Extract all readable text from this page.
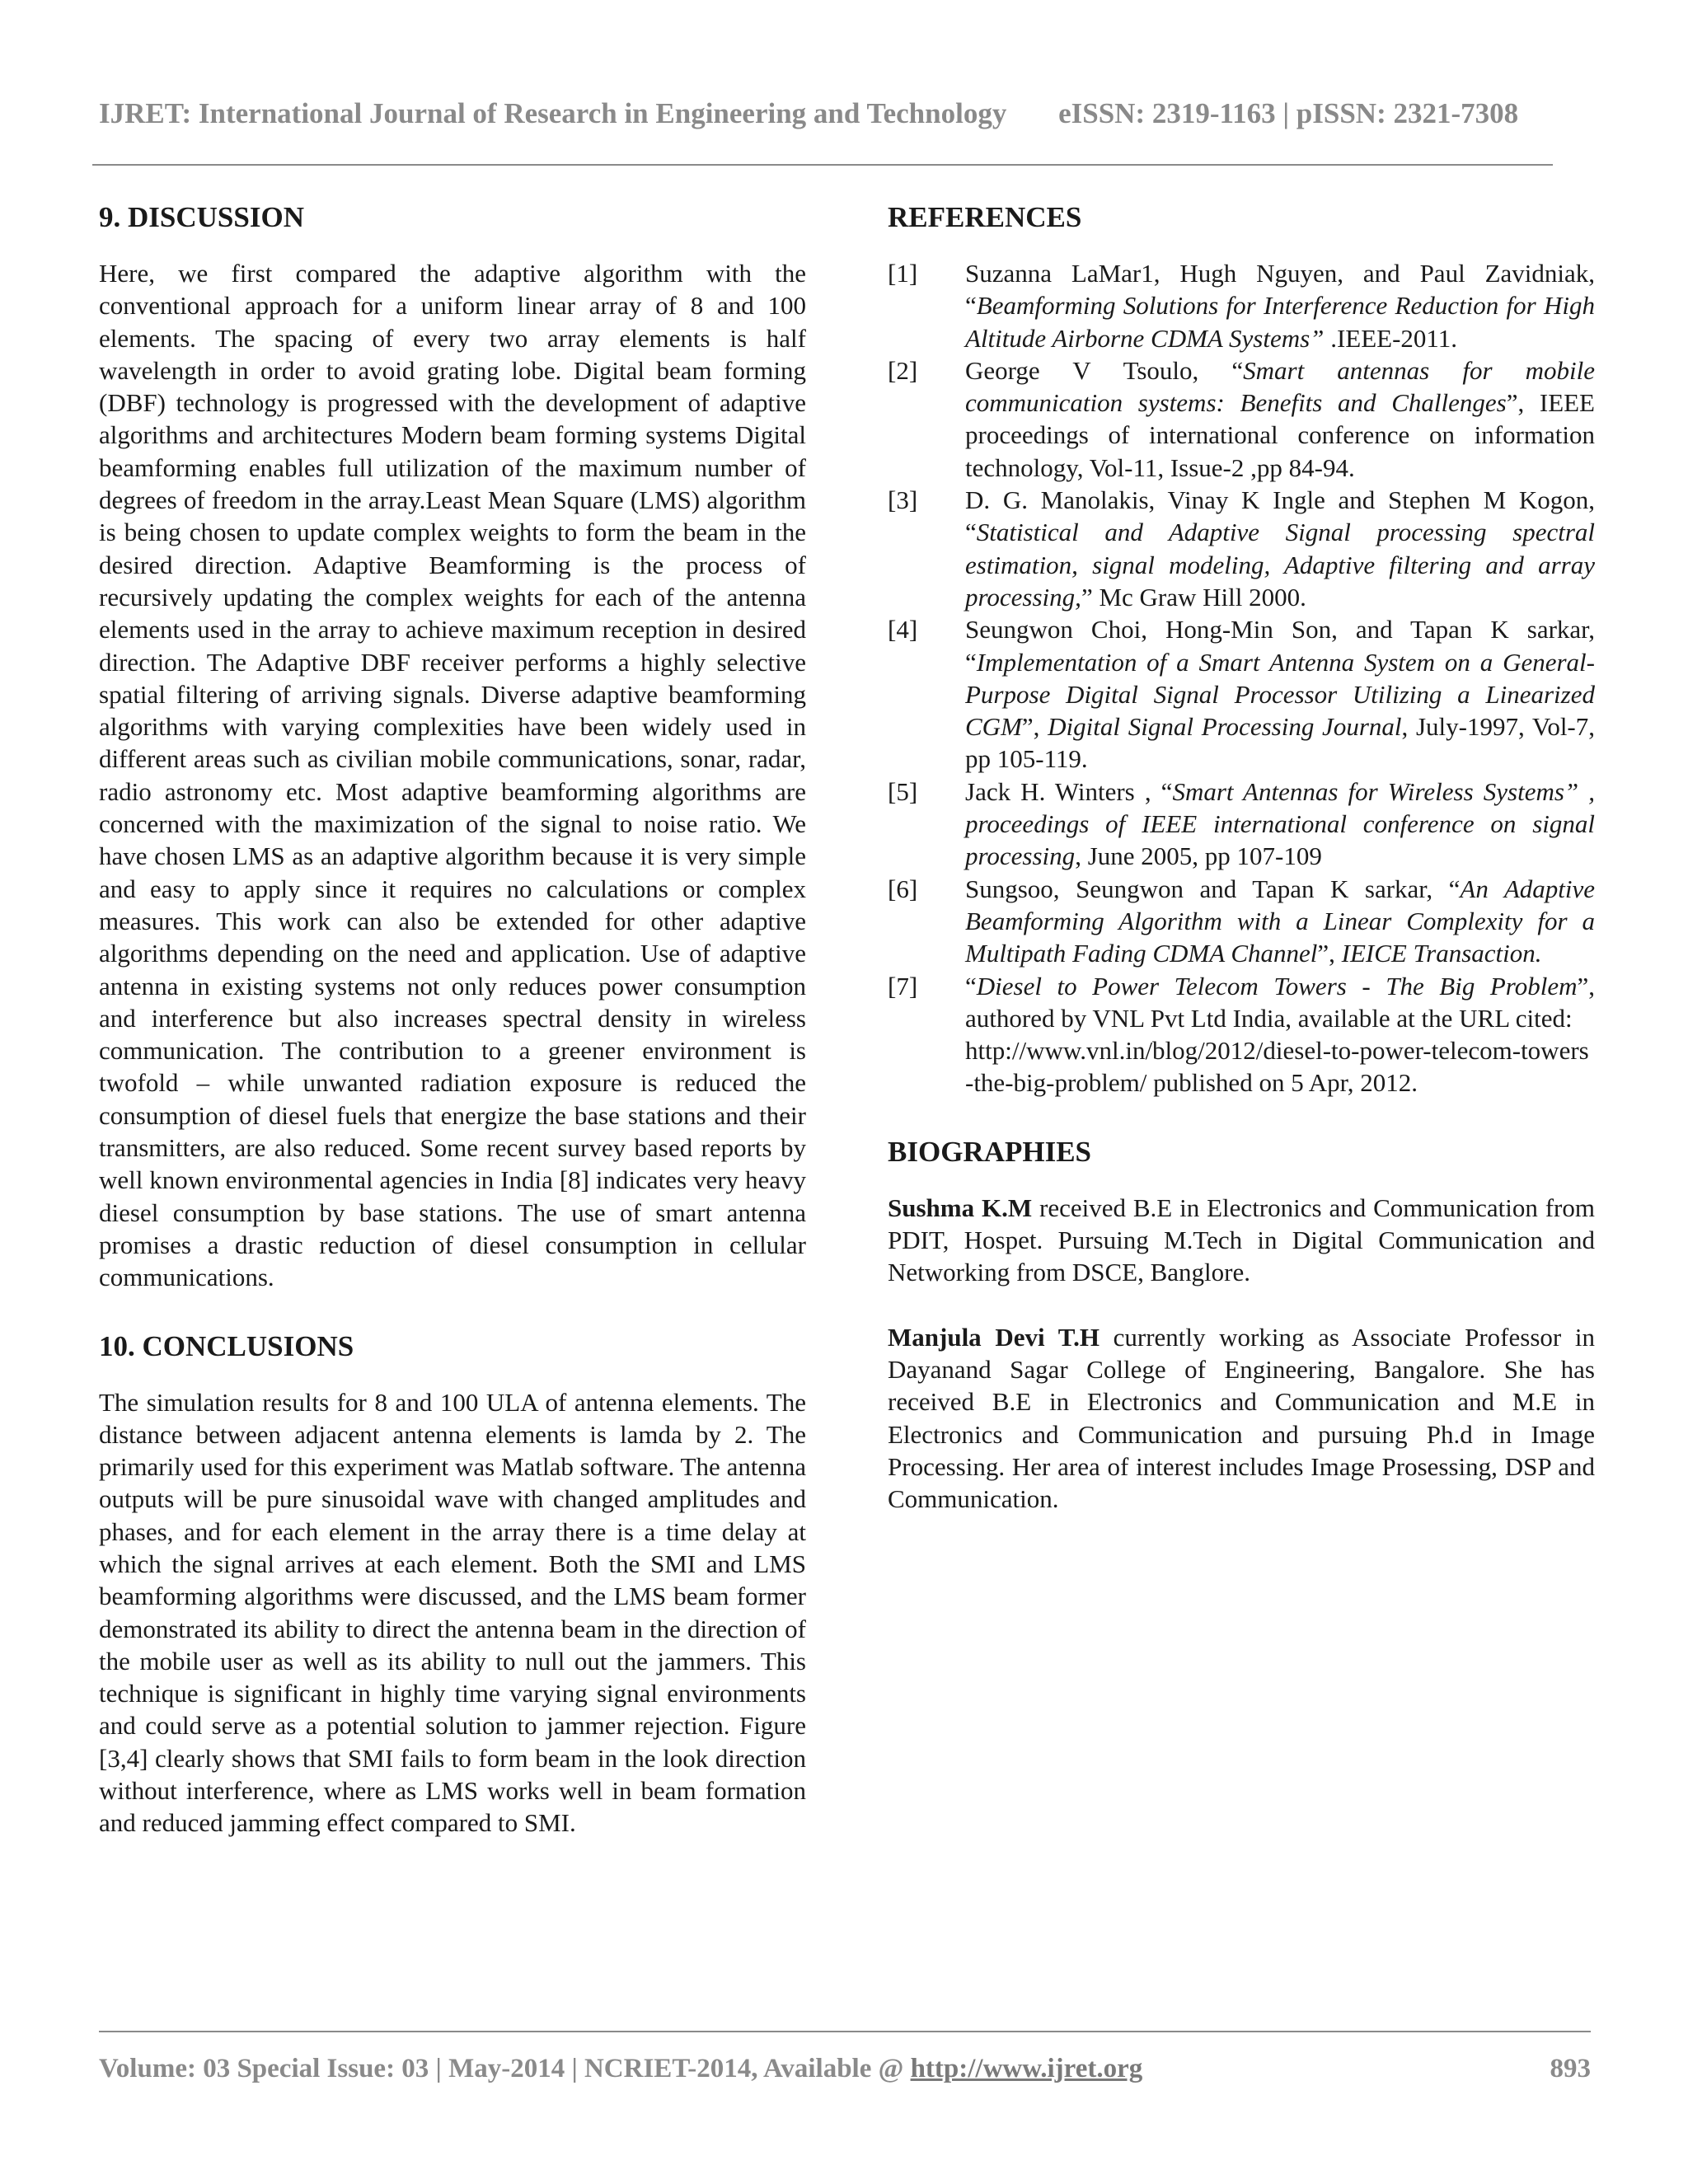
IJRET: International Journal of Research in Engineering and Technology eISSN: 2319-1163 | pISSN: 2321-7308
9. DISCUSSION

Here, we first compared the adaptive algorithm with the conventional approach for a uniform linear array of 8 and 100 elements. The spacing of every two array elements is half wavelength in order to avoid grating lobe. Digital beam forming (DBF) technology is progressed with the development of adaptive algorithms and architectures Modern beam forming systems Digital beamforming enables full utilization of the maximum number of degrees of freedom in the array.Least Mean Square (LMS) algorithm is being chosen to update complex weights to form the beam in the desired direction. Adaptive Beamforming is the process of recursively updating the complex weights for each of the antenna elements used in the array to achieve maximum reception in desired direction. The Adaptive DBF receiver performs a highly selective spatial filtering of arriving signals. Diverse adaptive beamforming algorithms with varying complexities have been widely used in different areas such as civilian mobile communications, sonar, radar, radio astronomy etc. Most adaptive beamforming algorithms are concerned with the maximization of the signal to noise ratio. We have chosen LMS as an adaptive algorithm because it is very simple and easy to apply since it requires no calculations or complex measures. This work can also be extended for other adaptive algorithms depending on the need and application. Use of adaptive antenna in existing systems not only reduces power consumption and interference but also increases spectral density in wireless communication. The contribution to a greener environment is twofold – while unwanted radiation exposure is reduced the consumption of diesel fuels that energize the base stations and their transmitters, are also reduced. Some recent survey based reports by well known environmental agencies in India [8] indicates very heavy diesel consumption by base stations. The use of smart antenna promises a drastic reduction of diesel consumption in cellular communications.

10. CONCLUSIONS

The simulation results for 8 and 100 ULA of antenna elements. The distance between adjacent antenna elements is lamda by 2. The primarily used for this experiment was Matlab software. The antenna outputs will be pure sinusoidal wave with changed amplitudes and phases, and for each element in the array there is a time delay at which the signal arrives at each element. Both the SMI and LMS beamforming algorithms were discussed, and the LMS beam former demonstrated its ability to direct the antenna beam in the direction of the mobile user as well as its ability to null out the jammers. This technique is significant in highly time varying signal environments and could serve as a potential solution to jammer rejection. Figure [3,4] clearly shows that SMI fails to form beam in the look direction without interference, where as LMS works well in beam formation and reduced jamming effect compared to SMI.

REFERENCES
[1]	Suzanna LaMar1, Hugh Nguyen, and Paul Zavidniak, “Beamforming Solutions for Interference Reduction for High Altitude Airborne CDMA Systems” .IEEE-2011.
[2]	George V Tsoulo, “Smart antennas for mobile communication systems: Benefits and Challenges”, IEEE proceedings of international conference on information technology, Vol-11, Issue-2 ,pp 84-94.
[3]	D. G. Manolakis, Vinay K Ingle and Stephen M Kogon, “Statistical and Adaptive Signal processing spectral estimation, signal modeling, Adaptive filtering and array processing,” Mc Graw Hill 2000.
[4]	Seungwon Choi, Hong-Min Son, and Tapan K sarkar, “Implementation of a Smart Antenna System on a General-Purpose Digital Signal Processor Utilizing a Linearized CGM”, Digital Signal Processing Journal, July-1997, Vol-7, pp 105-119.
[5]	Jack H. Winters , “Smart Antennas for Wireless Systems” , proceedings of IEEE international conference on signal processing, June 2005, pp 107-109
[6]	Sungsoo, Seungwon and Tapan K sarkar, “An Adaptive Beamforming Algorithm with a Linear Complexity for a Multipath Fading CDMA Channel”, IEICE Transaction.
[7]	“Diesel to Power Telecom Towers - The Big Problem”, authored by VNL Pvt Ltd India, available at the URL cited:
http://www.vnl.in/blog/2012/diesel-to-power-telecom-towers-the-big-problem/ published on 5 Apr, 2012.
BIOGRAPHIES

Sushma K.M received B.E in Electronics and Communication from PDIT, Hospet. Pursuing M.Tech in Digital Communication and Networking from DSCE, Banglore.

Manjula Devi T.H currently working as Associate Professor in Dayanand Sagar College of Engineering, Bangalore. She has received B.E in Electronics and Communication and M.E in Electronics and Communication and pursuing Ph.d in Image Processing. Her area of interest includes Image Prosessing, DSP and Communication.

Volume: 03 Special Issue: 03 | May-2014 | NCRIET-2014, Available @ http://www.ijret.org	893
